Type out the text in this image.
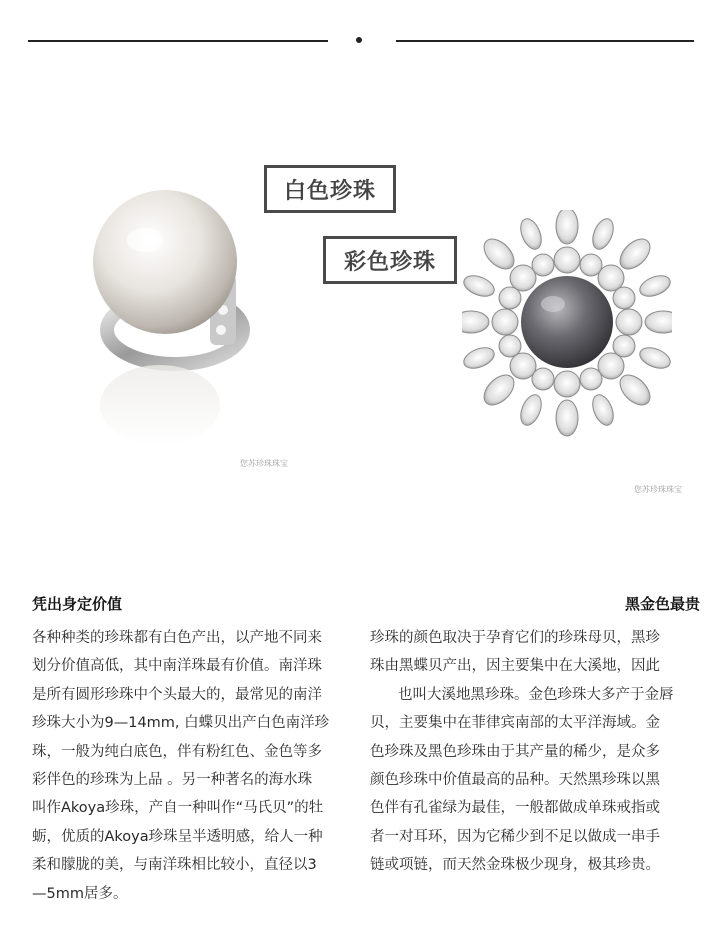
您苏珍珠珠宝
您苏珍珠珠宝
白色珍珠
彩色珍珠
凭出身定价值
各种种类的珍珠都有白色产出，以产地不同来
划分价值高低，其中南洋珠最有价值。南洋珠
是所有圆形珍珠中个头最大的，最常见的南洋
珍珠大小为9—14mm, 白蝶贝出产白色南洋珍
珠，一般为纯白底色，伴有粉红色、金色等多
彩伴色的珍珠为上品 。另一种著名的海水珠
叫作Akoya珍珠，产自一种叫作“马氏贝”的牡
蛎，优质的Akoya珍珠呈半透明感，给人一种
柔和朦胧的美，与南洋珠相比较小，直径以3
—5mm居多。
黑金色最贵
珍珠的颜色取决于孕育它们的珍珠母贝，黑珍
珠由黑蝶贝产出，因主要集中在大溪地，因此
也叫大溪地黑珍珠。金色珍珠大多产于金唇
贝，主要集中在菲律宾南部的太平洋海域。金
色珍珠及黑色珍珠由于其产量的稀少，是众多
颜色珍珠中价值最高的品种。天然黑珍珠以黑
色伴有孔雀绿为最佳，一般都做成单珠戒指或
者一对耳环，因为它稀少到不足以做成一串手
链或项链，而天然金珠极少现身，极其珍贵。
